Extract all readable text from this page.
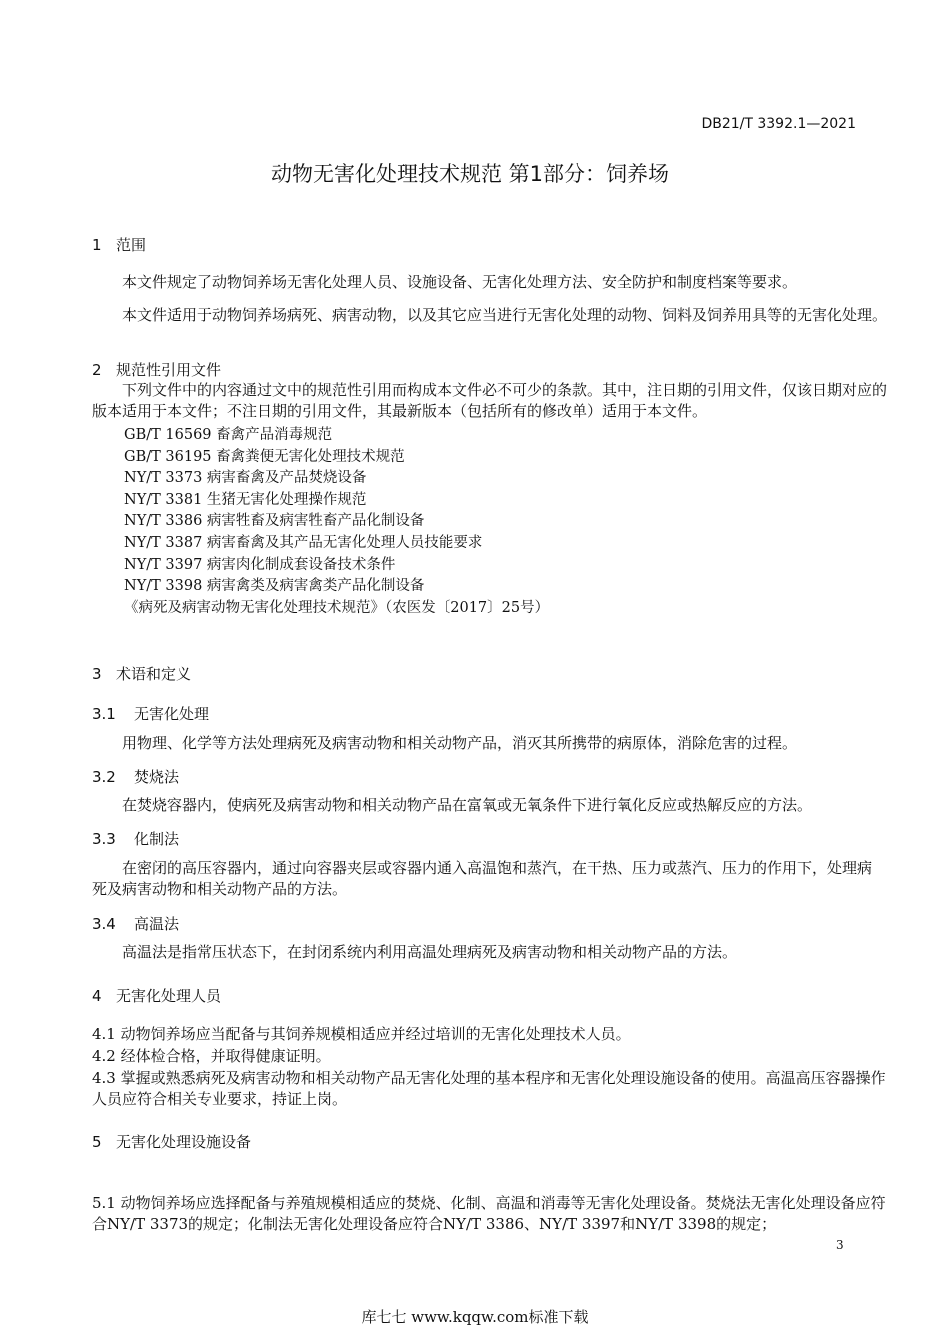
DB21/T 3392.1—2021
动物无害化处理技术规范 第1部分：饲养场
1 范围
本文件规定了动物饲养场无害化处理人员、设施设备、无害化处理方法、安全防护和制度档案等要求。
本文件适用于动物饲养场病死、病害动物，以及其它应当进行无害化处理的动物、饲料及饲养用具等的无害化处理。
2 规范性引用文件
下列文件中的内容通过文中的规范性引用而构成本文件必不可少的条款。其中，注日期的引用文件，仅该日期对应的版本适用于本文件；不注日期的引用文件，其最新版本（包括所有的修改单）适用于本文件。
GB/T 16569 畜禽产品消毒规范
GB/T 36195 畜禽粪便无害化处理技术规范
NY/T 3373 病害畜禽及产品焚烧设备
NY/T 3381 生猪无害化处理操作规范
NY/T 3386 病害牲畜及病害牲畜产品化制设备
NY/T 3387 病害畜禽及其产品无害化处理人员技能要求
NY/T 3397 病害肉化制成套设备技术条件
NY/T 3398 病害禽类及病害禽类产品化制设备
《病死及病害动物无害化处理技术规范》（农医发〔2017〕25号）
3 术语和定义
3.1 无害化处理
用物理、化学等方法处理病死及病害动物和相关动物产品，消灭其所携带的病原体，消除危害的过程。
3.2 焚烧法
在焚烧容器内，使病死及病害动物和相关动物产品在富氧或无氧条件下进行氧化反应或热解反应的方法。
3.3 化制法
在密闭的高压容器内，通过向容器夹层或容器内通入高温饱和蒸汽，在干热、压力或蒸汽、压力的作用下，处理病死及病害动物和相关动物产品的方法。
3.4 高温法
高温法是指常压状态下，在封闭系统内利用高温处理病死及病害动物和相关动物产品的方法。
4 无害化处理人员
4.1 动物饲养场应当配备与其饲养规模相适应并经过培训的无害化处理技术人员。
4.2 经体检合格，并取得健康证明。
4.3 掌握或熟悉病死及病害动物和相关动物产品无害化处理的基本程序和无害化处理设施设备的使用。高温高压容器操作人员应符合相关专业要求，持证上岗。
5 无害化处理设施设备
5.1 动物饲养场应选择配备与养殖规模相适应的焚烧、化制、高温和消毒等无害化处理设备。焚烧法无害化处理设备应符合NY/T 3373的规定；化制法无害化处理设备应符合NY/T 3386、NY/T 3397和NY/T 3398的规定；
3
库七七 www.kqqw.com标准下载
